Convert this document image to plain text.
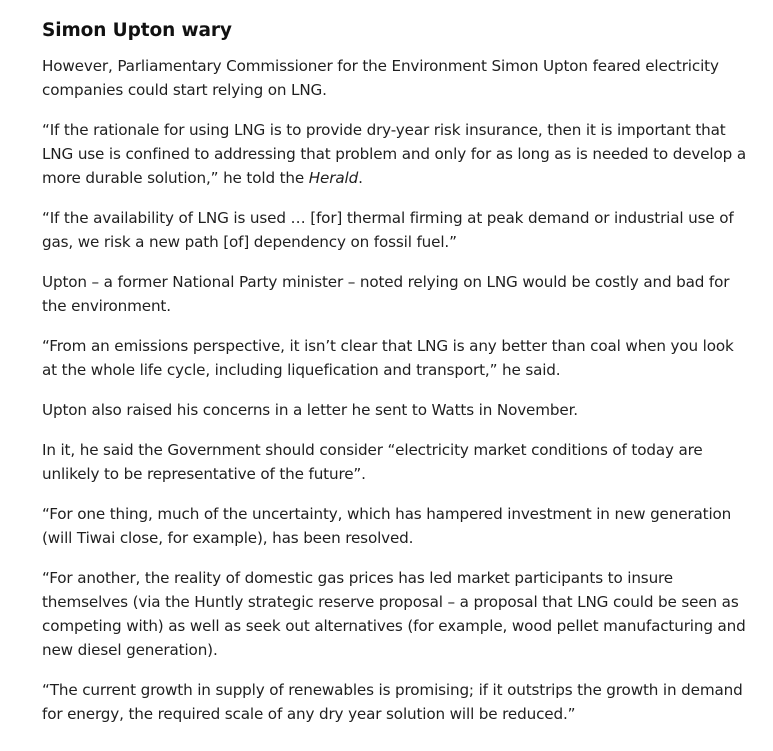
Simon Upton wary

However, Parliamentary Commissioner for the Environment Simon Upton feared electricity companies could start relying on LNG.

“If the rationale for using LNG is to provide dry-year risk insurance, then it is important that LNG use is confined to addressing that problem and only for as long as is needed to develop a more durable solution,” he told the Herald.

“If the availability of LNG is used … [for] thermal firming at peak demand or industrial use of gas, we risk a new path [of] dependency on fossil fuel.”

Upton – a former National Party minister – noted relying on LNG would be costly and bad for the environment.

“From an emissions perspective, it isn’t clear that LNG is any better than coal when you look at the whole life cycle, including liquefication and transport,” he said.

Upton also raised his concerns in a letter he sent to Watts in November.

In it, he said the Government should consider “electricity market conditions of today are unlikely to be representative of the future”.

“For one thing, much of the uncertainty, which has hampered investment in new generation (will Tiwai close, for example), has been resolved.

“For another, the reality of domestic gas prices has led market participants to insure themselves (via the Huntly strategic reserve proposal – a proposal that LNG could be seen as competing with) as well as seek out alternatives (for example, wood pellet manufacturing and new diesel generation).

“The current growth in supply of renewables is promising; if it outstrips the growth in demand for energy, the required scale of any dry year solution will be reduced.”
